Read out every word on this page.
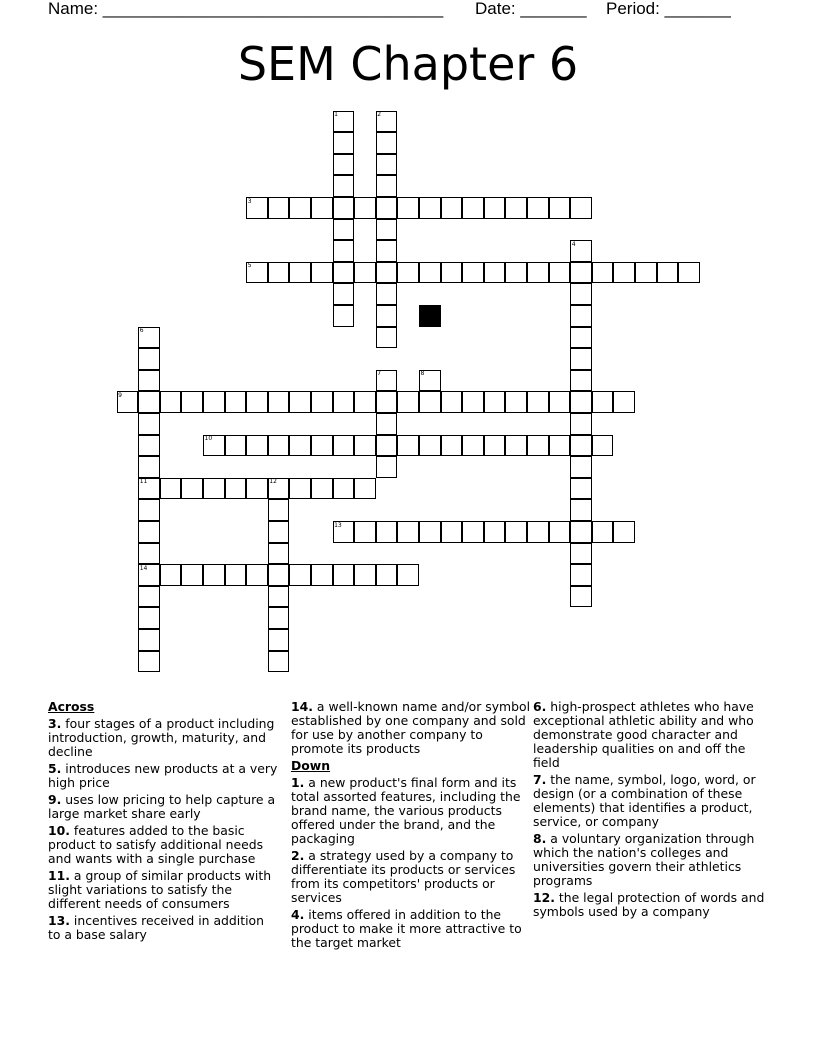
Name: ____________________________________ Date: _______ Period: _______
SEM Chapter 6
1	2
3
4
5
6
7	8
9
10
11	12
13
14
Across
3. four stages of a product including introduction, growth, maturity, and decline
5. introduces new products at a very high price
9. uses low pricing to help capture a large market share early
10. features added to the basic product to satisfy additional needs and wants with a single purchase
11. a group of similar products with slight variations to satisfy the different needs of consumers
13. incentives received in addition to a base salary
14. a well-known name and/or symbol established by one company and sold for use by another company to promote its products
Down
1. a new product's final form and its total assorted features, including the brand name, the various products offered under the brand, and the packaging
2. a strategy used by a company to differentiate its products or services from its competitors' products or services
4. items offered in addition to the product to make it more attractive to the target market
6. high-prospect athletes who have exceptional athletic ability and who demonstrate good character and leadership qualities on and off the field
7. the name, symbol, logo, word, or design (or a combination of these elements) that identifies a product, service, or company
8. a voluntary organization through which the nation's colleges and universities govern their athletics programs
12. the legal protection of words and symbols used by a company
